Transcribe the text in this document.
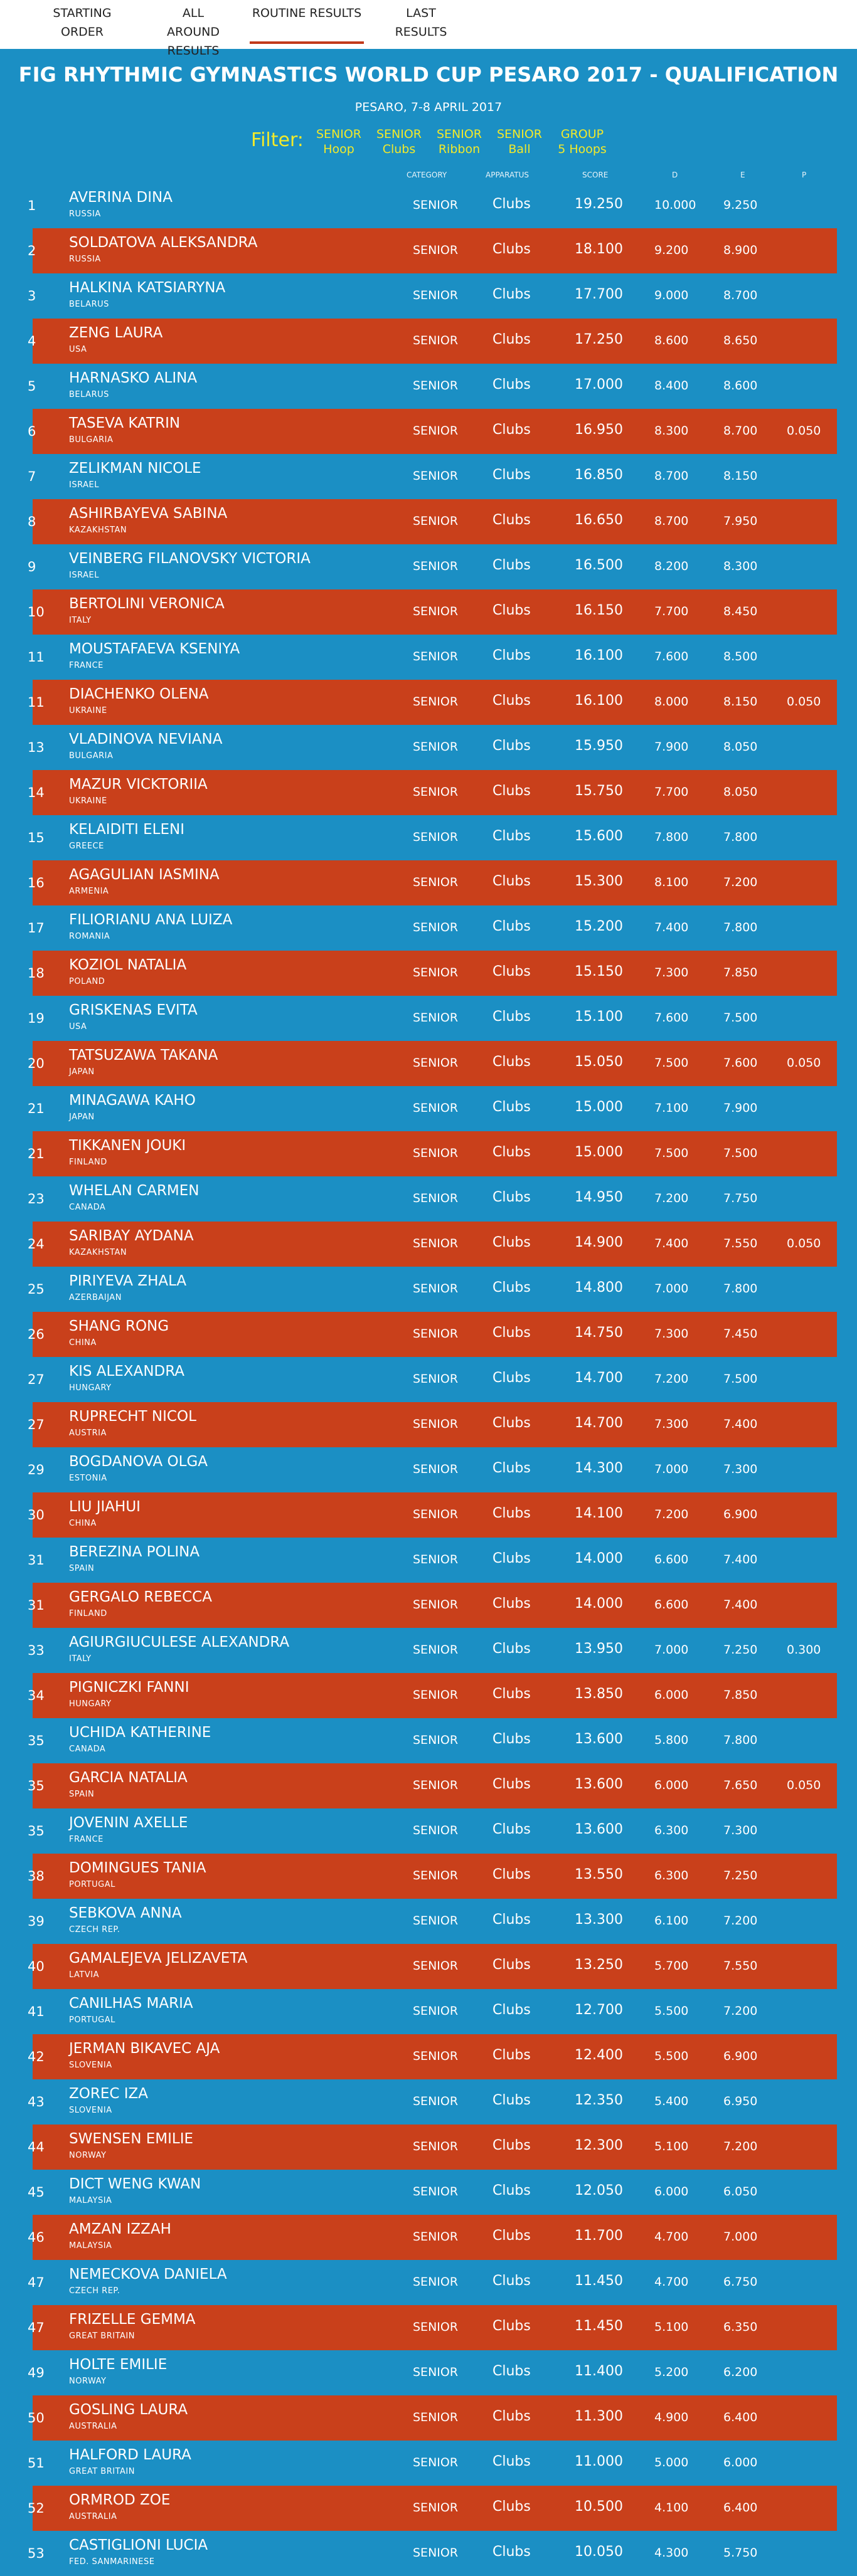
STARTING ORDER
ALL AROUND RESULTS
ROUTINE RESULTS	LAST RESULTS
FIG RHYTHMIC GYMNASTICS WORLD CUP PESARO 2017 - QUALIFICATION
PESARO, 7-8 APRIL 2017
Filter: SENIOR
Hoop
SENIOR
Clubs
SENIOR
Ribbon
SENIOR
Ball
GROUP
5 Hoops
CATEGORY	APPARATUS	SCORE	D	E	P
1 AVERINA DINA
RUSSIA
SENIOR Clubs	19.250	10.000 9.250
2 SOLDATOVA ALEKSANDRA
RUSSIA
SENIOR Clubs	18.100	9.200	8.900
3 HALKINA KATSIARYNA
BELARUS
SENIOR Clubs	17.700	9.000	8.700
4 ZENG LAURA
USA
SENIOR Clubs	17.250	8.600	8.650
5 HARNASKO ALINA
BELARUS
SENIOR Clubs	17.000	8.400	8.600
6 TASEVA KATRIN
BULGARIA
SENIOR Clubs	16.950	8.300	8.700 0.050
7 ZELIKMAN NICOLE
ISRAEL
SENIOR Clubs	16.850	8.700	8.150
8 ASHIRBAYEVA SABINA
KAZAKHSTAN
SENIOR Clubs	16.650	8.700	7.950
9 VEINBERG FILANOVSKY VICTORIA
ISRAEL
SENIOR Clubs	16.500	8.200	8.300
10 BERTOLINI VERONICA
ITALY
SENIOR Clubs	16.150	7.700	8.450
11 MOUSTAFAEVA KSENIYA
FRANCE
SENIOR Clubs	16.100	7.600	8.500
11 DIACHENKO OLENA
UKRAINE
SENIOR Clubs	16.100	8.000	8.150 0.050
13 VLADINOVA NEVIANA
BULGARIA
SENIOR Clubs	15.950	7.900	8.050
14 MAZUR VICKTORIIA
UKRAINE
SENIOR Clubs	15.750	7.700	8.050
15 KELAIDITI ELENI
GREECE
SENIOR Clubs	15.600	7.800	7.800
16 AGAGULIAN IASMINA
ARMENIA
SENIOR Clubs	15.300	8.100	7.200
17 FILIORIANU ANA LUIZA
ROMANIA
SENIOR Clubs	15.200	7.400	7.800
18 KOZIOL NATALIA
POLAND
SENIOR Clubs	15.150	7.300	7.850
19 GRISKENAS EVITA
USA
SENIOR Clubs	15.100	7.600	7.500
20 TATSUZAWA TAKANA
JAPAN
SENIOR Clubs	15.050	7.500	7.600 0.050
21 MINAGAWA KAHO
JAPAN
SENIOR Clubs	15.000	7.100	7.900
21 TIKKANEN JOUKI
FINLAND
SENIOR Clubs	15.000	7.500	7.500
23 WHELAN CARMEN
CANADA
SENIOR Clubs	14.950	7.200	7.750
24 SARIBAY AYDANA
KAZAKHSTAN
SENIOR Clubs	14.900	7.400	7.550 0.050
25 PIRIYEVA ZHALA
AZERBAIJAN
SENIOR Clubs	14.800	7.000	7.800
26 SHANG RONG
CHINA
SENIOR Clubs	14.750	7.300	7.450
27 KIS ALEXANDRA
HUNGARY
SENIOR Clubs	14.700	7.200	7.500
27 RUPRECHT NICOL
AUSTRIA
SENIOR Clubs	14.700	7.300	7.400
29 BOGDANOVA OLGA
ESTONIA
SENIOR Clubs	14.300	7.000	7.300
30 LIU JIAHUI
CHINA
SENIOR Clubs	14.100	7.200	6.900
31 BEREZINA POLINA
SPAIN
SENIOR Clubs	14.000	6.600	7.400
31 GERGALO REBECCA
FINLAND
SENIOR Clubs	14.000	6.600	7.400
33 AGIURGIUCULESE ALEXANDRA
ITALY
SENIOR Clubs	13.950	7.000	7.250 0.300
34 PIGNICZKI FANNI
HUNGARY
SENIOR Clubs	13.850	6.000	7.850
35 UCHIDA KATHERINE
CANADA
SENIOR Clubs	13.600	5.800	7.800
35 GARCIA NATALIA
SPAIN
SENIOR Clubs	13.600	6.000	7.650 0.050
35 JOVENIN AXELLE
FRANCE
SENIOR Clubs	13.600	6.300	7.300
38 DOMINGUES TANIA
PORTUGAL
SENIOR Clubs	13.550	6.300	7.250
39 SEBKOVA ANNA
CZECH REP.
SENIOR Clubs	13.300	6.100	7.200
40 GAMALEJEVA JELIZAVETA
LATVIA
SENIOR Clubs	13.250	5.700	7.550
41 CANILHAS MARIA
PORTUGAL
SENIOR Clubs	12.700	5.500	7.200
42 JERMAN BIKAVEC AJA
SLOVENIA
SENIOR Clubs	12.400	5.500	6.900
43 ZOREC IZA
SLOVENIA
SENIOR Clubs	12.350	5.400	6.950
44 SWENSEN EMILIE
NORWAY
SENIOR Clubs	12.300	5.100	7.200
45 DICT WENG KWAN
MALAYSIA
SENIOR Clubs	12.050	6.000	6.050
46 AMZAN IZZAH
MALAYSIA
SENIOR Clubs	11.700	4.700	7.000
47 NEMECKOVA DANIELA
CZECH REP.
SENIOR Clubs	11.450	4.700	6.750
47 FRIZELLE GEMMA
GREAT BRITAIN
SENIOR Clubs	11.450	5.100	6.350
49 HOLTE EMILIE
NORWAY
SENIOR Clubs	11.400	5.200	6.200
50 GOSLING LAURA
AUSTRALIA
SENIOR Clubs	11.300	4.900	6.400
51 HALFORD LAURA
GREAT BRITAIN
SENIOR Clubs	11.000	5.000	6.000
52 ORMROD ZOE
AUSTRALIA
SENIOR Clubs	10.500	4.100	6.400
53 CASTIGLIONI LUCIA
FED. SANMARINESE
SENIOR Clubs	10.050	4.300	5.750
